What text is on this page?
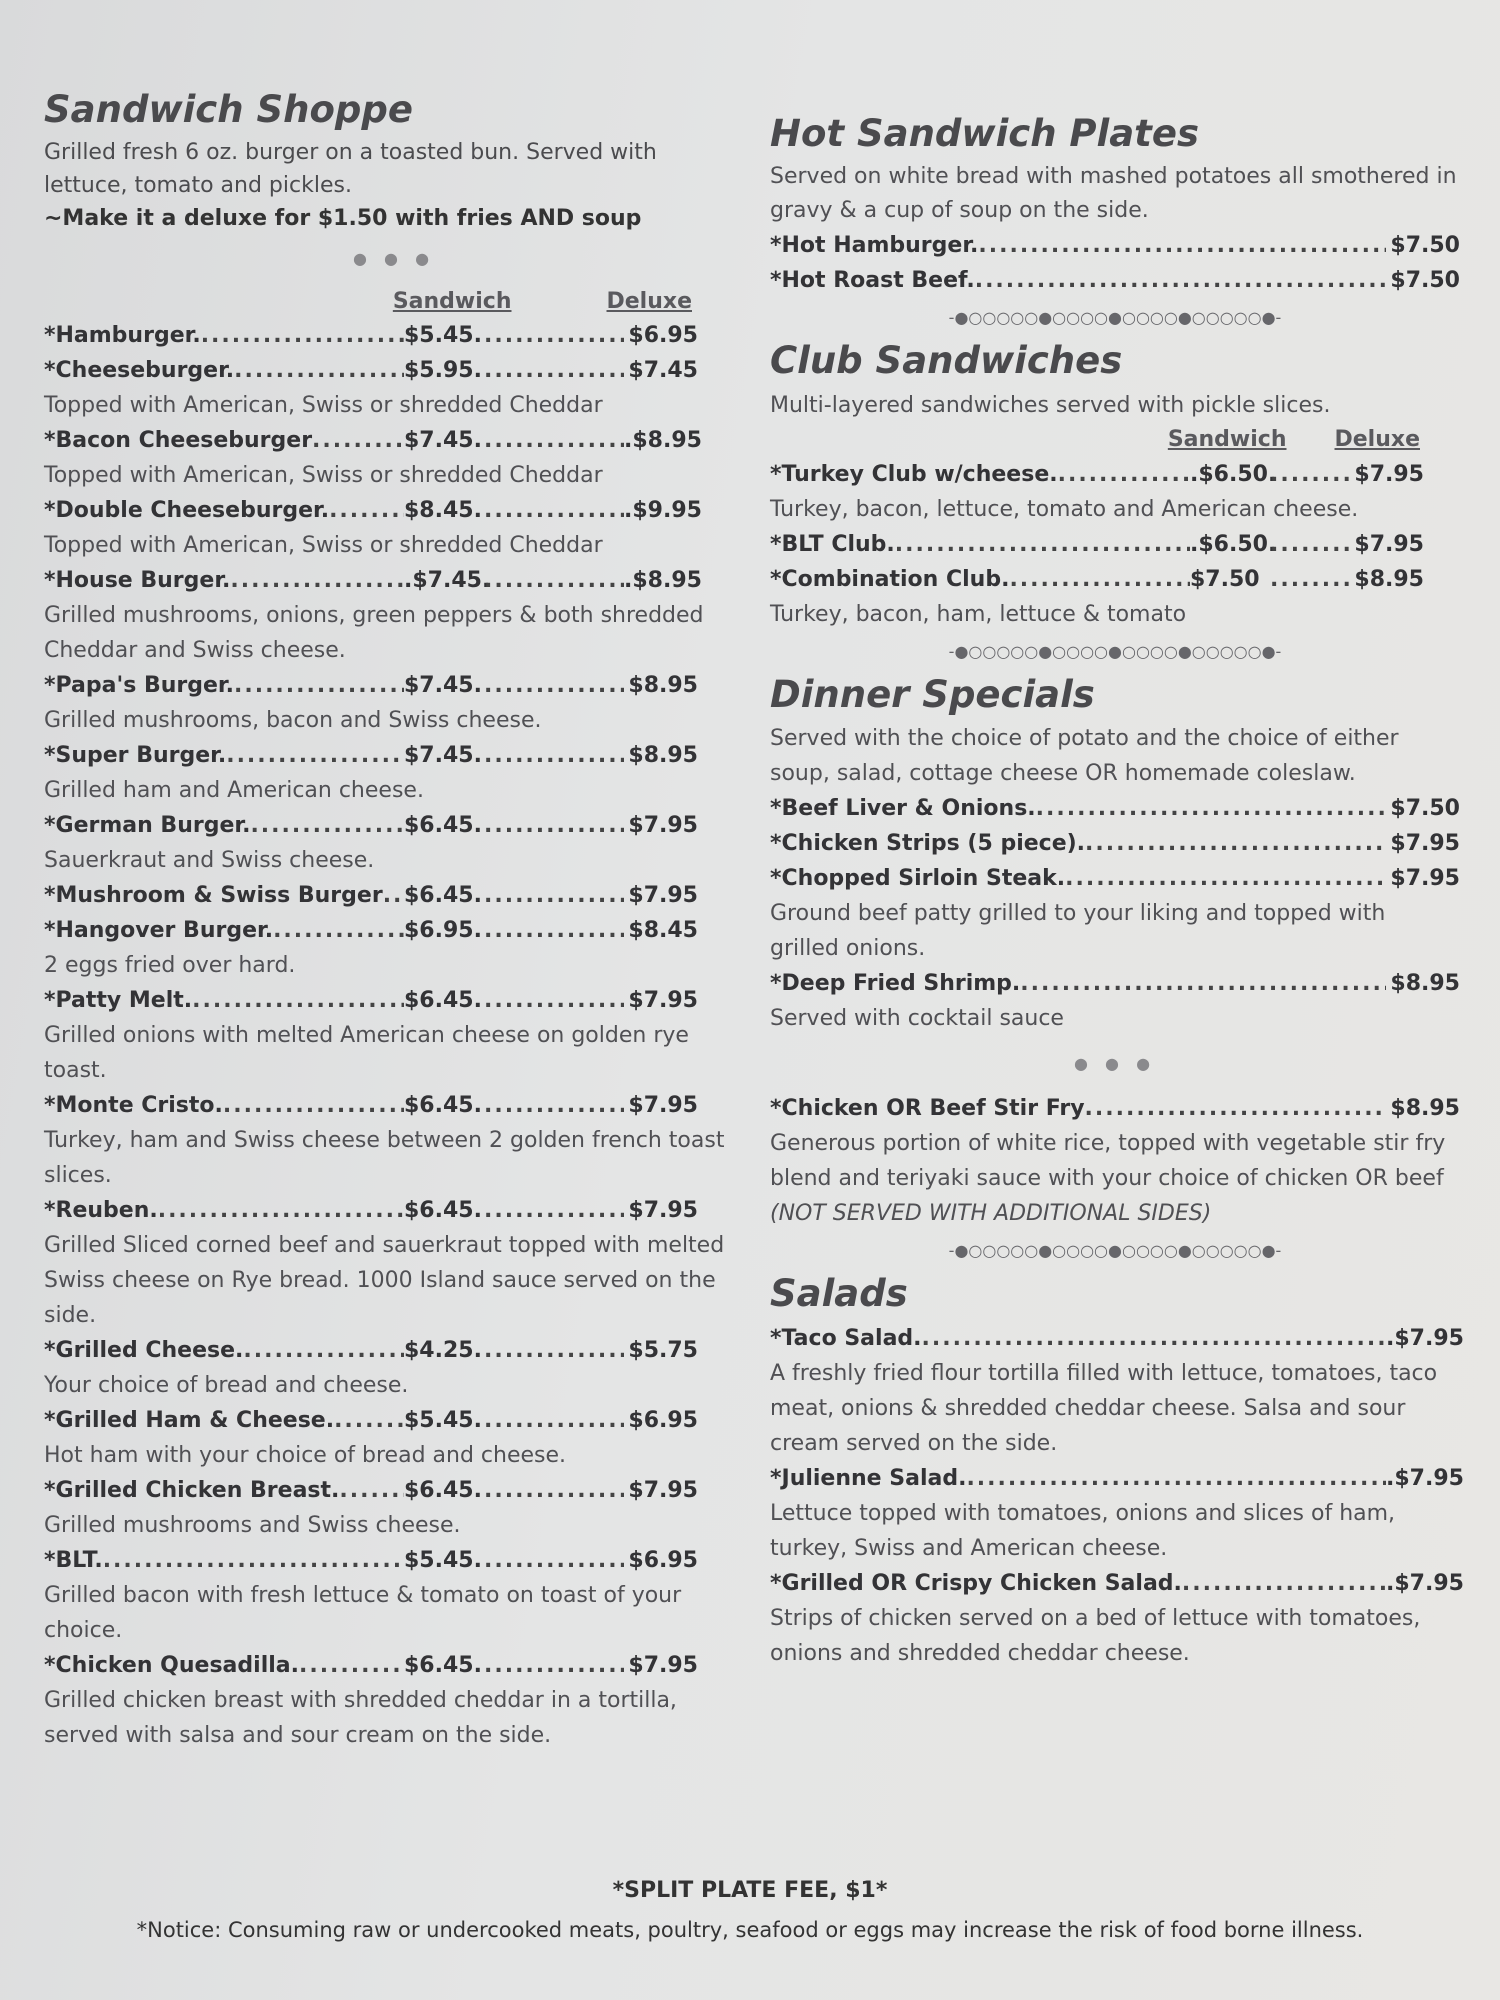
Sandwich Shoppe

Grilled fresh 6 oz. burger on a toasted bun. Served with

lettuce, tomato and pickles.

~Make it a deluxe for $1.50 with fries AND soup

● ● ●
Sandwich	Deluxe
*Hamburger. .....	$5.45. .....	$6.95
*Cheeseburger. .....	$5.95. .....	$7.45

Topped with American, Swiss or shredded Cheddar

*Bacon Cheeseburger .....	$7.45. .....	.$8.95

Topped with American, Swiss or shredded Cheddar

*Double Cheeseburger. .....	$8.45. .....	.$9.95

Topped with American, Swiss or shredded Cheddar

*House Burger. .....	.$7.45. .....	.$8.95

Grilled mushrooms, onions, green peppers & both shredded Cheddar and Swiss cheese.

*Papa's Burger. .....	$7.45. .....	$8.95

Grilled mushrooms, bacon and Swiss cheese.

*Super Burger. .....	$7.45. .....	$8.95

Grilled ham and American cheese.

*German Burger. .....	$6.45. .....	$7.95

Sauerkraut and Swiss cheese.

*Mushroom & Swiss Burger ..... $6.45. .....	$7.95
*Hangover Burger. .....	$6.95. .....	$8.45

2 eggs fried over hard.

*Patty Melt. .....	$6.45. .....	$7.95

Grilled onions with melted American cheese on golden rye toast.

*Monte Cristo. .....	$6.45. .....	$7.95

Turkey, ham and Swiss cheese between 2 golden french toast slices.

*Reuben. .....	$6.45. .....	$7.95

Grilled Sliced corned beef and sauerkraut topped with melted Swiss cheese on Rye bread. 1000 Island sauce served on the side.

*Grilled Cheese. .....	$4.25. .....	$5.75

Your choice of bread and cheese.

*Grilled Ham & Cheese. .....	$5.45. .....	$6.95

Hot ham with your choice of bread and cheese.

*Grilled Chicken Breast. .....	$6.45. .....	$7.95

Grilled mushrooms and Swiss cheese.

*BLT. .....	$5.45. .....	$6.95

Grilled bacon with fresh lettuce & tomato on toast of your choice.

*Chicken Quesadilla. .....	$6.45. .....	$7.95

Grilled chicken breast with shredded cheddar in a tortilla, served with salsa and sour cream on the side.

Hot Sandwich Plates

Served on white bread with mashed potatoes all smothered in gravy & a cup of soup on the side.

*Hot Hamburger. .....	$7.50
*Hot Roast Beef. .....	$7.50
-●○○○○○●○○○○●○○○○●○○○○○●-
Club Sandwiches

Multi-layered sandwiches served with pickle slices.

Sandwich Deluxe
*Turkey Club w/cheese. .....	.$6.50. .....	$7.95

Turkey, bacon, lettuce, tomato and American cheese.

*BLT Club. .....	.$6.50. .....	$7.95
*Combination Club. .....	$7.50 .....	$8.95

Turkey, bacon, ham, lettuce & tomato

-●○○○○○●○○○○●○○○○●○○○○○●-
Dinner Specials

Served with the choice of potato and the choice of either soup, salad, cottage cheese OR homemade coleslaw.

*Beef Liver & Onions. .....	$7.50
*Chicken Strips (5 piece). .....	$7.95
*Chopped Sirloin Steak. .....	$7.95

Ground beef patty grilled to your liking and topped with grilled onions.

*Deep Fried Shrimp. .....	$8.95

Served with cocktail sauce

● ● ●
*Chicken OR Beef Stir Fry .....	$8.95

Generous portion of white rice, topped with vegetable stir fry blend and teriyaki sauce with your choice of chicken OR beef (NOT SERVED WITH ADDITIONAL SIDES)

-●○○○○○●○○○○●○○○○●○○○○○●-
Salads
*Taco Salad. .....	.$7.95

A freshly fried flour tortilla filled with lettuce, tomatoes, taco meat, onions & shredded cheddar cheese. Salsa and sour cream served on the side.

*Julienne Salad. .....	.$7.95

Lettuce topped with tomatoes, onions and slices of ham, turkey, Swiss and American cheese.

*Grilled OR Crispy Chicken Salad. .....	.$7.95

Strips of chicken served on a bed of lettuce with tomatoes, onions and shredded cheddar cheese.

*SPLIT PLATE FEE, $1*
*Notice: Consuming raw or undercooked meats, poultry, seafood or eggs may increase the risk of food borne illness.
